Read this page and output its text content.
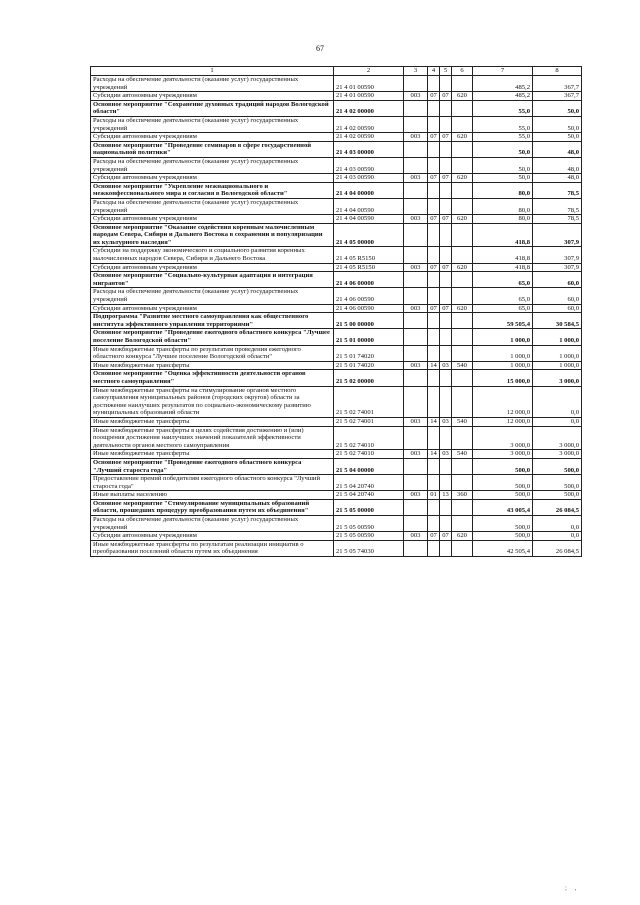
67
1	2	3	4	5	6	7	8
Расходы на обеспечение деятельности (оказание услуг) государственных учреждений	21 4 01 00590					485,2	367,7
Субсидии автономным учреждениям	21 4 01 00590	003	07	07	620	485,2	367,7
Основное мероприятие "Сохранение духовных традиций народов Вологодской области"	21 4 02 00000					55,0	50,0
Расходы на обеспечение деятельности (оказание услуг) государственных учреждений	21 4 02 00590					55,0	50,0
Субсидии автономным учреждениям	21 4 02 00590	003	07	07	620	55,0	50,0
Основное мероприятие "Проведение семинаров в сфере государственной национальной политики"	21 4 03 00000					50,0	48,0
Расходы на обеспечение деятельности (оказание услуг) государственных учреждений	21 4 03 00590					50,0	48,0
Субсидии автономным учреждениям	21 4 03 00590	003	07	07	620	50,0	48,0
Основное мероприятие "Укрепление межнационального и межконфессионального мира и согласия в Вологодской области"	21 4 04 00000					80,0	78,5
Расходы на обеспечение деятельности (оказание услуг) государственных учреждений	21 4 04 00590					80,0	78,5
Субсидии автономным учреждениям	21 4 04 00590	003	07	07	620	80,0	78,5
Основное мероприятие "Оказание содействия коренным малочисленным народам Севера, Сибири и Дальнего Востока в сохранении и популяризации их культурного наследия"	21 4 05 00000					418,8	307,9
Субсидии на поддержку экономического и социального развития коренных малочисленных народов Севера, Сибири и Дальнего Востока	21 4 05 R5150					418,8	307,9
Субсидии автономным учреждениям	21 4 05 R5150	003	07	07	620	418,8	307,9
Основное мероприятие "Социально-культурная адаптация и интеграция мигрантов"	21 4 06 00000					65,0	60,0
Расходы на обеспечение деятельности (оказание услуг) государственных учреждений	21 4 06 00590					65,0	60,0
Субсидии автономным учреждениям	21 4 06 00590	003	07	07	620	65,0	60,0
Подпрограмма "Развитие местного самоуправления как общественного института эффективного управления территориями"	21 5 00 00000					59 505,4	30 584,5
Основное мероприятие "Проведение ежегодного областного конкурса "Лучшее поселение Вологодской области"	21 5 01 00000					1 000,0	1 000,0
Иные межбюджетные трансферты по результатам проведения ежегодного областного конкурса "Лучшее поселение Вологодской области"	21 5 01 74020					1 000,0	1 000,0
Иные межбюджетные трансферты	21 5 01 74020	003	14	03	540	1 000,0	1 000,0
Основное мероприятие "Оценка эффективности деятельности органов местного самоуправления"	21 5 02 00000					15 000,0	3 000,0
Иные межбюджетные трансферты на стимулирование органов местного самоуправления муниципальных районов (городских округов) области за достижение наилучших результатов по социально-экономическому развитию муниципальных образований области	21 5 02 74001					12 000,0	0,0
Иные межбюджетные трансферты	21 5 02 74001	003	14	03	540	12 000,0	0,0
Иные межбюджетные трансферты в целях содействия достижению и (или) поощрения достижения наилучших значений показателей эффективности деятельности органов местного самоуправления	21 5 02 74010					3 000,0	3 000,0
Иные межбюджетные трансферты	21 5 02 74010	003	14	03	540	3 000,0	3 000,0
Основное мероприятие "Проведение ежегодного областного конкурса "Лучший староста года"	21 5 04 00000					500,0	500,0
Предоставление премий победителям ежегодного областного конкурса "Лучший староста года"	21 5 04 20740					500,0	500,0
Иные выплаты населению	21 5 04 20740	003	01	13	360	500,0	500,0
Основное мероприятие "Стимулирование муниципальных образований области, прошедших процедуру преобразования путем их объединения"	21 5 05 00000					43 005,4	26 084,5
Расходы на обеспечение деятельности (оказание услуг) государственных учреждений	21 5 05 00590					500,0	0,0
Субсидии автономным учреждениям	21 5 05 00590	003	07	07	620	500,0	0,0
Иные межбюджетные трансферты по результатам реализации инициатив о преобразовании поселений области путем их объединения	21 5 05 74030					42 505,4	26 084,5
; ,
